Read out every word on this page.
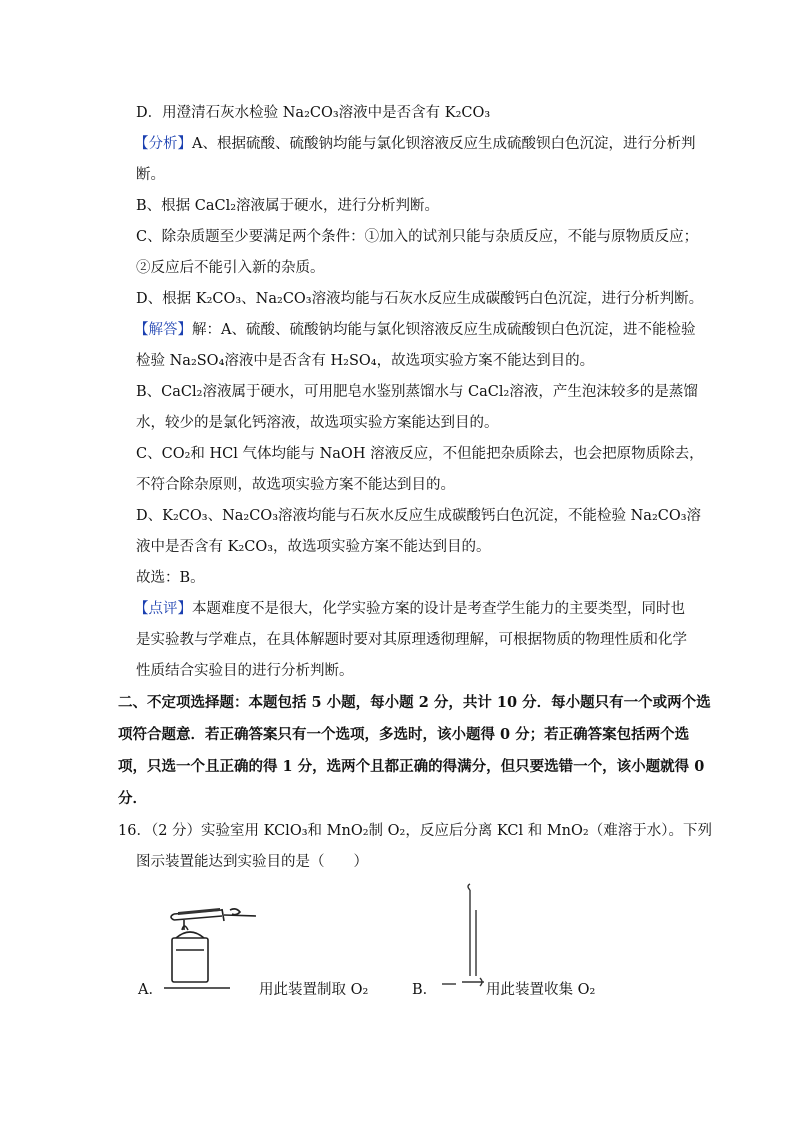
D．用澄清石灰水检验 Na₂CO₃溶液中是否含有 K₂CO₃
【分析】A、根据硫酸、硫酸钠均能与氯化钡溶液反应生成硫酸钡白色沉淀，进行分析判
断。
B、根据 CaCl₂溶液属于硬水，进行分析判断。
C、除杂质题至少要满足两个条件：①加入的试剂只能与杂质反应，不能与原物质反应；
②反应后不能引入新的杂质。
D、根据 K₂CO₃、Na₂CO₃溶液均能与石灰水反应生成碳酸钙白色沉淀，进行分析判断。
【解答】解：A、硫酸、硫酸钠均能与氯化钡溶液反应生成硫酸钡白色沉淀，进不能检验
检验 Na₂SO₄溶液中是否含有 H₂SO₄，故选项实验方案不能达到目的。
B、CaCl₂溶液属于硬水，可用肥皂水鉴别蒸馏水与 CaCl₂溶液，产生泡沫较多的是蒸馏
水，较少的是氯化钙溶液，故选项实验方案能达到目的。
C、CO₂和 HCl 气体均能与 NaOH 溶液反应，不但能把杂质除去，也会把原物质除去，
不符合除杂原则，故选项实验方案不能达到目的。
D、K₂CO₃、Na₂CO₃溶液均能与石灰水反应生成碳酸钙白色沉淀，不能检验 Na₂CO₃溶
液中是否含有 K₂CO₃，故选项实验方案不能达到目的。
故选：B。
【点评】本题难度不是很大，化学实验方案的设计是考查学生能力的主要类型，同时也
是实验教与学难点，在具体解题时要对其原理透彻理解，可根据物质的物理性质和化学
性质结合实验目的进行分析判断。
二、不定项选择题：本题包括 5 小题，每小题 2 分，共计 10 分．每小题只有一个或两个选
项符合题意．若正确答案只有一个选项，多选时，该小题得 0 分；若正确答案包括两个选
项，只选一个且正确的得 1 分，选两个且都正确的得满分，但只要选错一个，该小题就得 0
分．
16．（2 分）实验室用 KClO₃和 MnO₂制 O₂，反应后分离 KCl 和 MnO₂（难溶于水）。下列
图示装置能达到实验目的是（　　）
A．	用此装置制取 O₂	B．	用此装置收集 O₂
